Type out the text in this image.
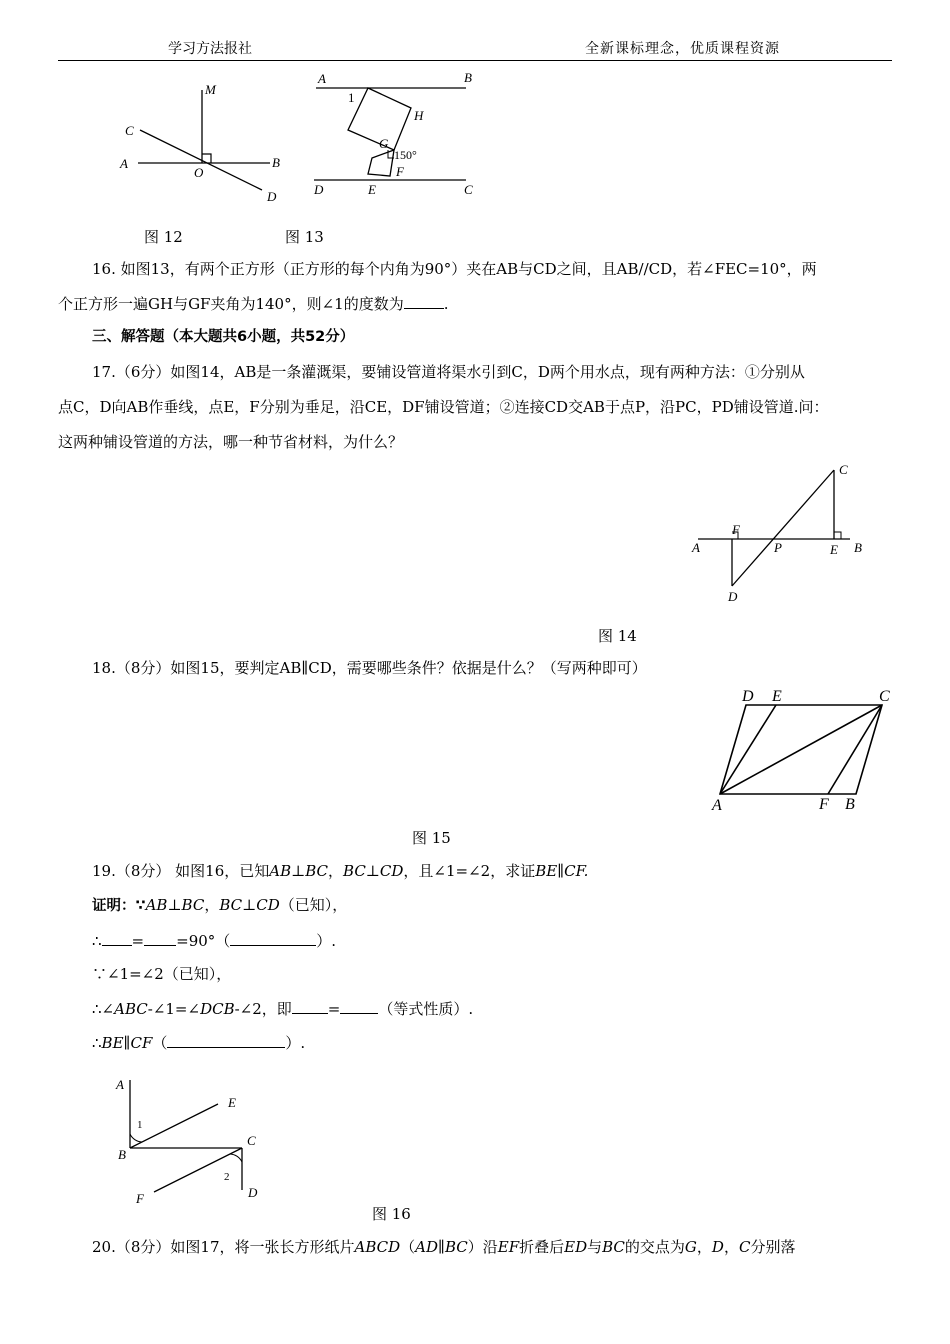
学习方法报社	全新课标理念，优质课程资源
M
C
A
O
B
D
图 12
A	B
1
H
G
150°
F
D	E	C
图 13
16. 如图13，有两个正方形（正方形的每个内角为90°）夹在AB与CD之间，且AB//CD，若∠FEC=10°，两
个正方形一遍GH与GF夹角为140°，则∠1的度数为	.
三、解答题（本大题共6小题，共52分）
17.（6分）如图14，AB是一条灌溉渠，要铺设管道将渠水引到C，D两个用水点，现有两种方法：①分别从
点C，D向AB作垂线，点E，F分别为垂足，沿CE，DF铺设管道；②连接CD交AB于点P，沿PC，PD铺设管道.问：
这两种铺设管道的方法，哪一种节省材料，为什么？
C
F
A	P	E B
D
图 14
18.（8分）如图15，要判定AB∥CD，需要哪些条件？依据是什么？（写两种即可）
D E	C
A	F B
图 15
19.（8分） 如图16，已知AB⊥BC，BC⊥CD，且∠1=∠2，求证BE∥CF.
证明：∵AB⊥BC，BC⊥CD（已知），
∴ = =90°（	）.
∵∠1=∠2（已知），
∴∠ABC-∠1=∠DCB-∠2，即 =	（等式性质）.
∴BE∥CF（	）.
A
1
E
B
C
2
F	D
图 16
20.（8分）如图17，将一张长方形纸片ABCD（AD∥BC）沿EF折叠后ED与BC的交点为G，D，C分别落
